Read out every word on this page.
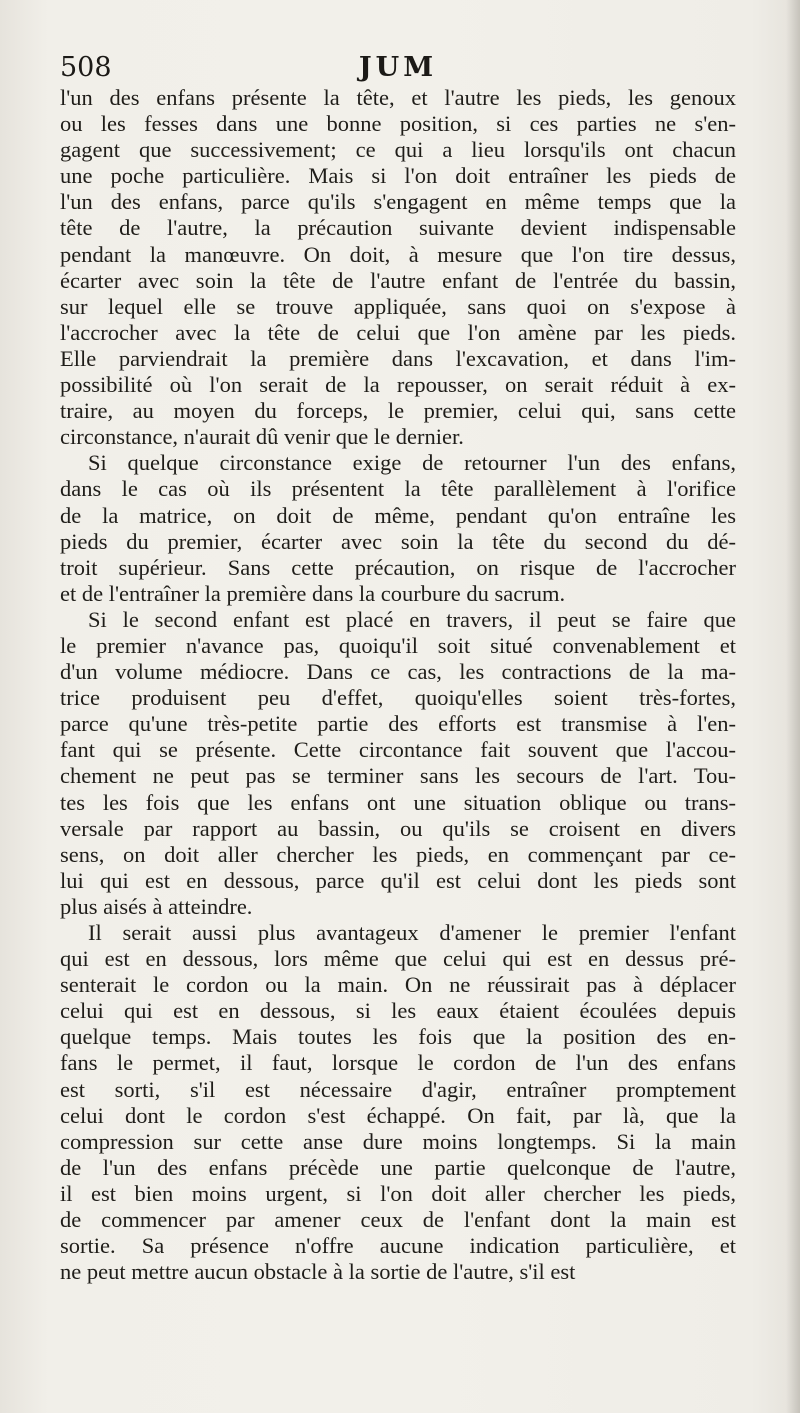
508	JUM
l'un des enfans présente la tête, et l'autre les pieds, les genoux
ou les fesses dans une bonne position, si ces parties ne s'en-
gagent que successivement; ce qui a lieu lorsqu'ils ont chacun
une poche particulière. Mais si l'on doit entraîner les pieds de
l'un des enfans, parce qu'ils s'engagent en même temps que la
tête de l'autre, la précaution suivante devient indispensable
pendant la manœuvre. On doit, à mesure que l'on tire dessus,
écarter avec soin la tête de l'autre enfant de l'entrée du bassin,
sur lequel elle se trouve appliquée, sans quoi on s'expose à
l'accrocher avec la tête de celui que l'on amène par les pieds.
Elle parviendrait la première dans l'excavation, et dans l'im-
possibilité où l'on serait de la repousser, on serait réduit à ex-
traire, au moyen du forceps, le premier, celui qui, sans cette
circonstance, n'aurait dû venir que le dernier.
Si quelque circonstance exige de retourner l'un des enfans,
dans le cas où ils présentent la tête parallèlement à l'orifice
de la matrice, on doit de même, pendant qu'on entraîne les
pieds du premier, écarter avec soin la tête du second du dé-
troit supérieur. Sans cette précaution, on risque de l'accrocher
et de l'entraîner la première dans la courbure du sacrum.
Si le second enfant est placé en travers, il peut se faire que
le premier n'avance pas, quoiqu'il soit situé convenablement et
d'un volume médiocre. Dans ce cas, les contractions de la ma-
trice produisent peu d'effet, quoiqu'elles soient très-fortes,
parce qu'une très-petite partie des efforts est transmise à l'en-
fant qui se présente. Cette circontance fait souvent que l'accou-
chement ne peut pas se terminer sans les secours de l'art. Tou-
tes les fois que les enfans ont une situation oblique ou trans-
versale par rapport au bassin, ou qu'ils se croisent en divers
sens, on doit aller chercher les pieds, en commençant par ce-
lui qui est en dessous, parce qu'il est celui dont les pieds sont
plus aisés à atteindre.
Il serait aussi plus avantageux d'amener le premier l'enfant
qui est en dessous, lors même que celui qui est en dessus pré-
senterait le cordon ou la main. On ne réussirait pas à déplacer
celui qui est en dessous, si les eaux étaient écoulées depuis
quelque temps. Mais toutes les fois que la position des en-
fans le permet, il faut, lorsque le cordon de l'un des enfans
est sorti, s'il est nécessaire d'agir, entraîner promptement
celui dont le cordon s'est échappé. On fait, par là, que la
compression sur cette anse dure moins longtemps. Si la main
de l'un des enfans précède une partie quelconque de l'autre,
il est bien moins urgent, si l'on doit aller chercher les pieds,
de commencer par amener ceux de l'enfant dont la main est
sortie. Sa présence n'offre aucune indication particulière, et
ne peut mettre aucun obstacle à la sortie de l'autre, s'il est
